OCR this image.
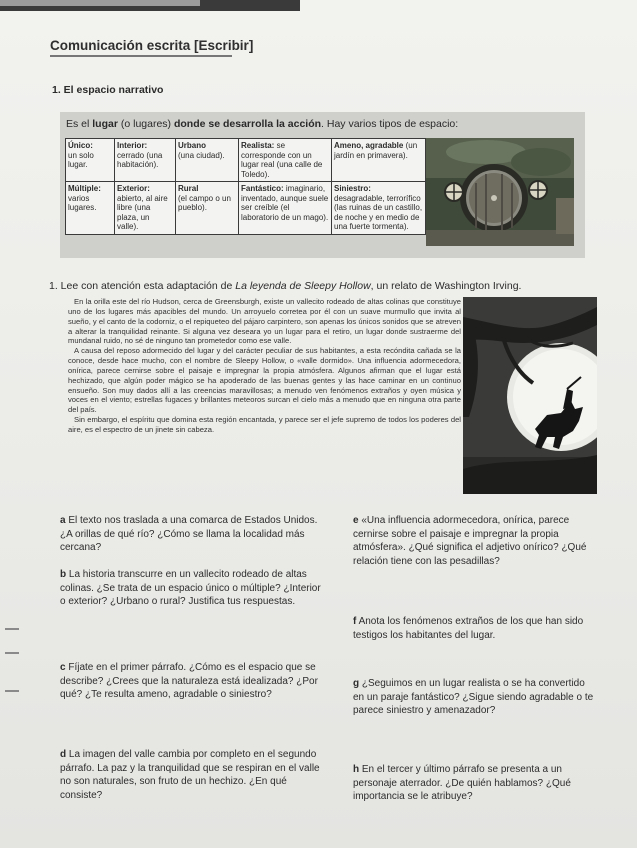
Comunicación escrita [Escribir]
1. El espacio narrativo
Es el lugar (o lugares) donde se desarrolla la acción. Hay varios tipos de espacio:
Único:
un solo lugar.	Interior:
cerrado (una habitación).	Urbano
(una ciudad).	Realista: se corresponde con un lugar real (una calle de Toledo).	Ameno, agradable (un jardín en primavera).
Múltiple:
varios lugares.	Exterior:
abierto, al aire libre (una plaza, un valle).	Rural
(el campo o un pueblo).	Fantástico: imaginario, inventado, aunque suele ser creíble (el laboratorio de un mago).	Siniestro: desagradable, terrorífico (las ruinas de un castillo, de noche y en medio de una fuerte tormenta).
1. Lee con atención esta adaptación de La leyenda de Sleepy Hollow, un relato de Washington Irving.

En la orilla este del río Hudson, cerca de Greensburgh, existe un vallecito rodeado de altas colinas que constituye uno de los lugares más apacibles del mundo. Un arroyuelo corretea por él con un suave murmullo que invita al sueño, y el canto de la codorniz, o el repiqueteo del pájaro carpintero, son apenas los únicos sonidos que se atreven a alterar la tranquilidad reinante. Si alguna vez deseara yo un lugar para el retiro, un lugar donde sustraerme del mundanal ruido, no sé de ninguno tan prometedor como ese valle.

A causa del reposo adormecido del lugar y del carácter peculiar de sus habitantes, a esta recóndita cañada se la conoce, desde hace mucho, con el nombre de Sleepy Hollow, o «valle dormido». Una influencia adormecedora, onírica, parece cernirse sobre el paisaje e impregnar la propia atmósfera. Algunos afirman que el lugar está hechizado, que algún poder mágico se ha apoderado de las buenas gentes y las hace caminar en un continuo ensueño. Son muy dados allí a las creencias maravillosas; a menudo ven fenómenos extraños y oyen música y voces en el viento; estrellas fugaces y brillantes meteoros surcan el cielo más a menudo que en ninguna otra parte del país.

Sin embargo, el espíritu que domina esta región encantada, y parece ser el jefe supremo de todos los poderes del aire, es el espectro de un jinete sin cabeza.

a El texto nos traslada a una comarca de Estados Unidos. ¿A orillas de qué río? ¿Cómo se llama la localidad más cercana?
b La historia transcurre en un vallecito rodeado de altas colinas. ¿Se trata de un espacio único o múltiple? ¿Interior o exterior? ¿Urbano o rural? Justifica tus respuestas.
c Fíjate en el primer párrafo. ¿Cómo es el espacio que se describe? ¿Crees que la naturaleza está idealizada? ¿Por qué? ¿Te resulta ameno, agradable o siniestro?
d La imagen del valle cambia por completo en el segundo párrafo. La paz y la tranquilidad que se respiran en el valle no son naturales, son fruto de un hechizo. ¿En qué consiste?
e «Una influencia adormecedora, onírica, parece cernirse sobre el paisaje e impregnar la propia atmósfera». ¿Qué significa el adjetivo onírico? ¿Qué relación tiene con las pesadillas?
f Anota los fenómenos extraños de los que han sido testigos los habitantes del lugar.
g ¿Seguimos en un lugar realista o se ha convertido en un paraje fantástico? ¿Sigue siendo agradable o te parece siniestro y amenazador?
h En el tercer y último párrafo se presenta a un personaje aterrador. ¿De quién hablamos? ¿Qué importancia se le atribuye?
